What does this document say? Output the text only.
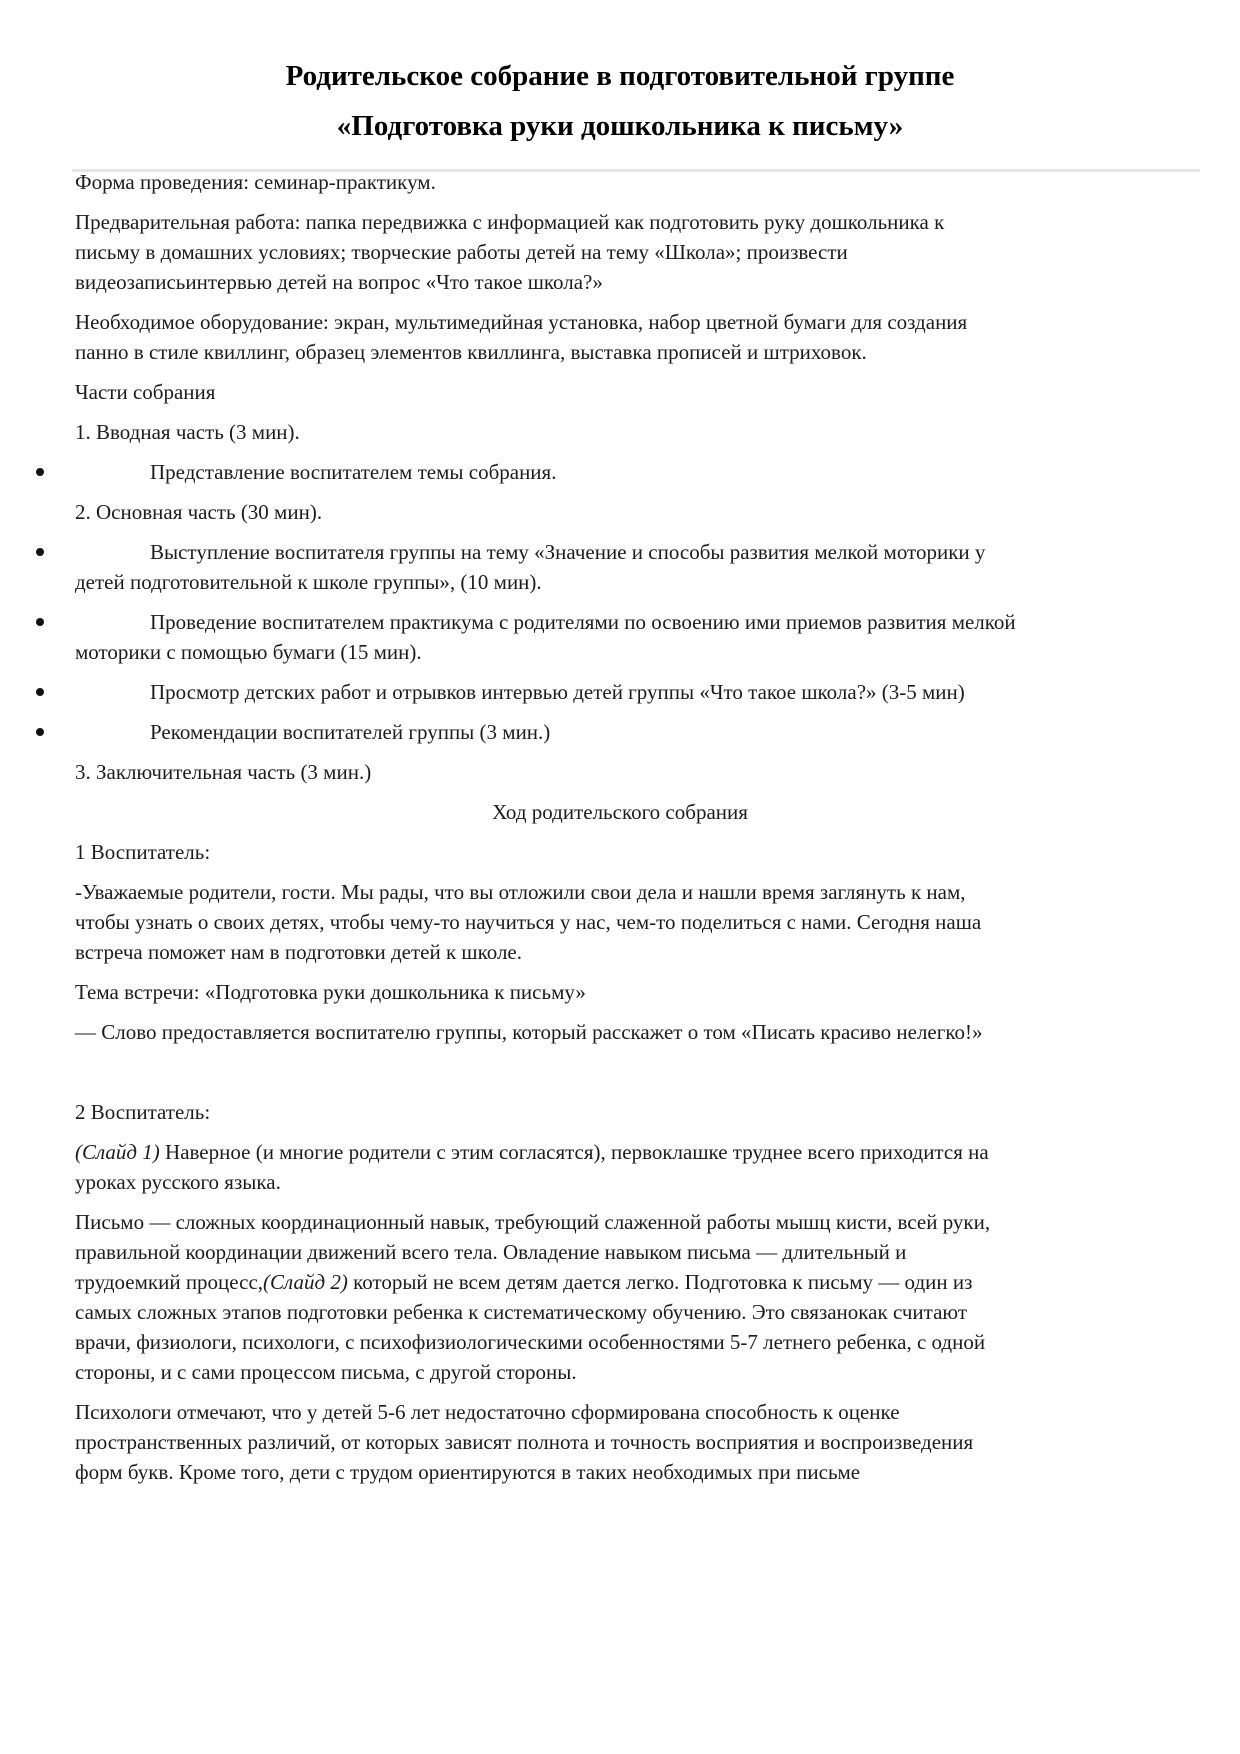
Родительское собрание в подготовительной группе
«Подготовка руки дошкольника к письму»
Форма проведения: семинар-практикум.
Предварительная работа: папка передвижка с информацией как подготовить руку дошкольника к
письму в домашних условиях; творческие работы детей на тему «Школа»; произвести
видеозаписьинтервью детей на вопрос «Что такое школа?»
Необходимое оборудование: экран, мультимедийная установка, набор цветной бумаги для создания
панно в стиле квиллинг, образец элементов квиллинга, выставка прописей и штриховок.
Части собрания
1. Вводная часть (3 мин).
Представление воспитателем темы собрания.
2. Основная часть (30 мин).
Выступление воспитателя группы на тему «Значение и способы развития мелкой моторики у
детей подготовительной к школе группы», (10 мин).
Проведение воспитателем практикума с родителями по освоению ими приемов развития мелкой
моторики с помощью бумаги (15 мин).
Просмотр детских работ и отрывков интервью детей группы «Что такое школа?» (3-5 мин)
Рекомендации воспитателей группы (3 мин.)
3. Заключительная часть (3 мин.)
Ход родительского собрания
1 Воспитатель:
-Уважаемые родители, гости. Мы рады, что вы отложили свои дела и нашли время заглянуть к нам,
чтобы узнать о своих детях, чтобы чему-то научиться у нас, чем-то поделиться с нами. Сегодня наша
встреча поможет нам в подготовки детей к школе.
Тема встречи: «Подготовка руки дошкольника к письму»
— Слово предоставляется воспитателю группы, который расскажет о том «Писать красиво нелегко!»
2 Воспитатель:
(Слайд 1) Наверное (и многие родители с этим согласятся), первоклашке труднее всего приходится на
уроках русского языка.
Письмо — сложных координационный навык, требующий слаженной работы мышц кисти, всей руки,
правильной координации движений всего тела. Овладение навыком письма — длительный и
трудоемкий процесс,(Слайд 2) который не всем детям дается легко. Подготовка к письму — один из
самых сложных этапов подготовки ребенка к систематическому обучению. Это связанокак считают
врачи, физиологи, психологи, с психофизиологическими особенностями 5-7 летнего ребенка, с одной
стороны, и с сами процессом письма, с другой стороны.
Психологи отмечают, что у детей 5-6 лет недостаточно сформирована способность к оценке
пространственных различий, от которых зависят полнота и точность восприятия и воспроизведения
форм букв. Кроме того, дети с трудом ориентируются в таких необходимых при письме
